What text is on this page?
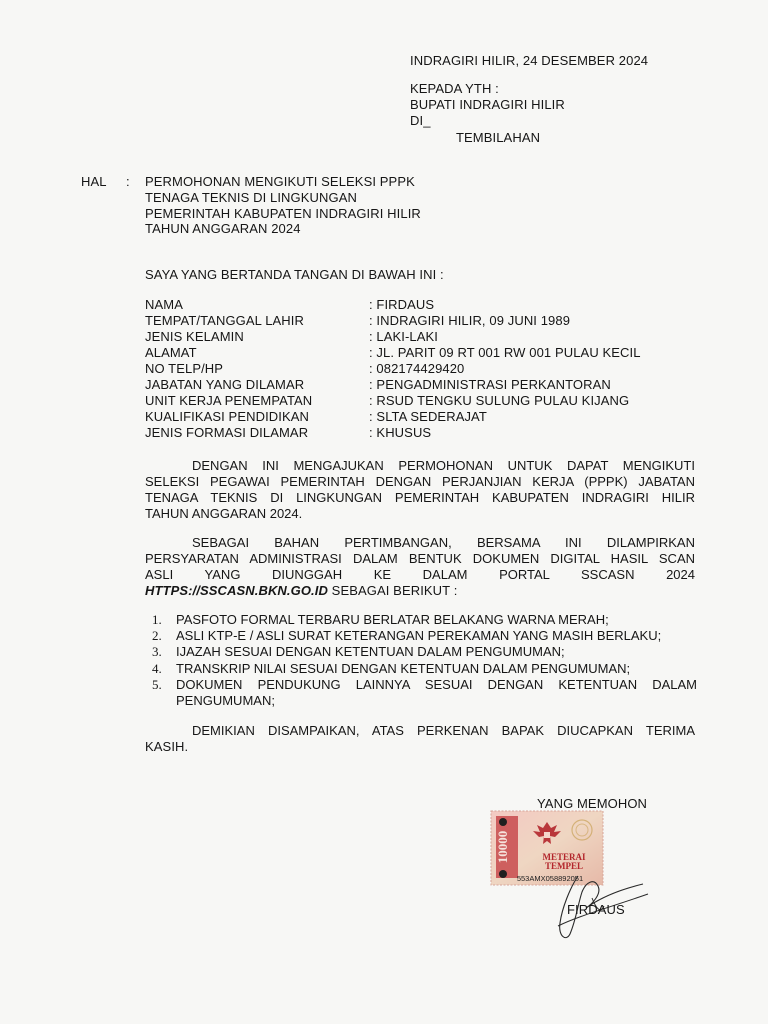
INDRAGIRI HILIR, 24 DESEMBER 2024
KEPADA YTH :
BUPATI INDRAGIRI HILIR
DI_
TEMBILAHAN
HAL : PERMOHONAN MENGIKUTI SELEKSI PPPK
TENAGA TEKNIS DI LINGKUNGAN
PEMERINTAH KABUPATEN INDRAGIRI HILIR
TAHUN ANGGARAN 2024
SAYA YANG BERTANDA TANGAN DI BAWAH INI :
NAMA	: FIRDAUS
TEMPAT/TANGGAL LAHIR	: INDRAGIRI HILIR, 09 JUNI 1989
JENIS KELAMIN	: LAKI-LAKI
ALAMAT	: JL. PARIT 09 RT 001 RW 001 PULAU KECIL
NO TELP/HP	: 082174429420
JABATAN YANG DILAMAR	: PENGADMINISTRASI PERKANTORAN
UNIT KERJA PENEMPATAN	: RSUD TENGKU SULUNG PULAU KIJANG
KUALIFIKASI PENDIDIKAN	: SLTA SEDERAJAT
JENIS FORMASI DILAMAR	: KHUSUS
DENGAN INI MENGAJUKAN PERMOHONAN UNTUK DAPAT MENGIKUTI
SELEKSI PEGAWAI PEMERINTAH DENGAN PERJANJIAN KERJA (PPPK) JABATAN
TENAGA TEKNIS DI LINGKUNGAN PEMERINTAH KABUPATEN INDRAGIRI HILIR
TAHUN ANGGARAN 2024.
SEBAGAI BAHAN PERTIMBANGAN, BERSAMA INI DILAMPIRKAN
PERSYARATAN ADMINISTRASI DALAM BENTUK DOKUMEN DIGITAL HASIL SCAN
ASLI YANG DIUNGGAH KE DALAM PORTAL SSCASN 2024
HTTPS://SSCASN.BKN.GO.ID SEBAGAI BERIKUT :
1. PASFOTO FORMAL TERBARU BERLATAR BELAKANG WARNA MERAH;
2. ASLI KTP-E / ASLI SURAT KETERANGAN PEREKAMAN YANG MASIH BERLAKU;
3. IJAZAH SESUAI DENGAN KETENTUAN DALAM PENGUMUMAN;
4. TRANSKRIP NILAI SESUAI DENGAN KETENTUAN DALAM PENGUMUMAN;
5. DOKUMEN PENDUKUNG LAINNYA SESUAI DENGAN KETENTUAN DALAM PENGUMUMAN;
DEMIKIAN DISAMPAIKAN, ATAS PERKENAN BAPAK DIUCAPKAN TERIMA
KASIH.
YANG MEMOHON
10000	METERAI
TEMPEL
553AMX058892051
FIRDAUS
